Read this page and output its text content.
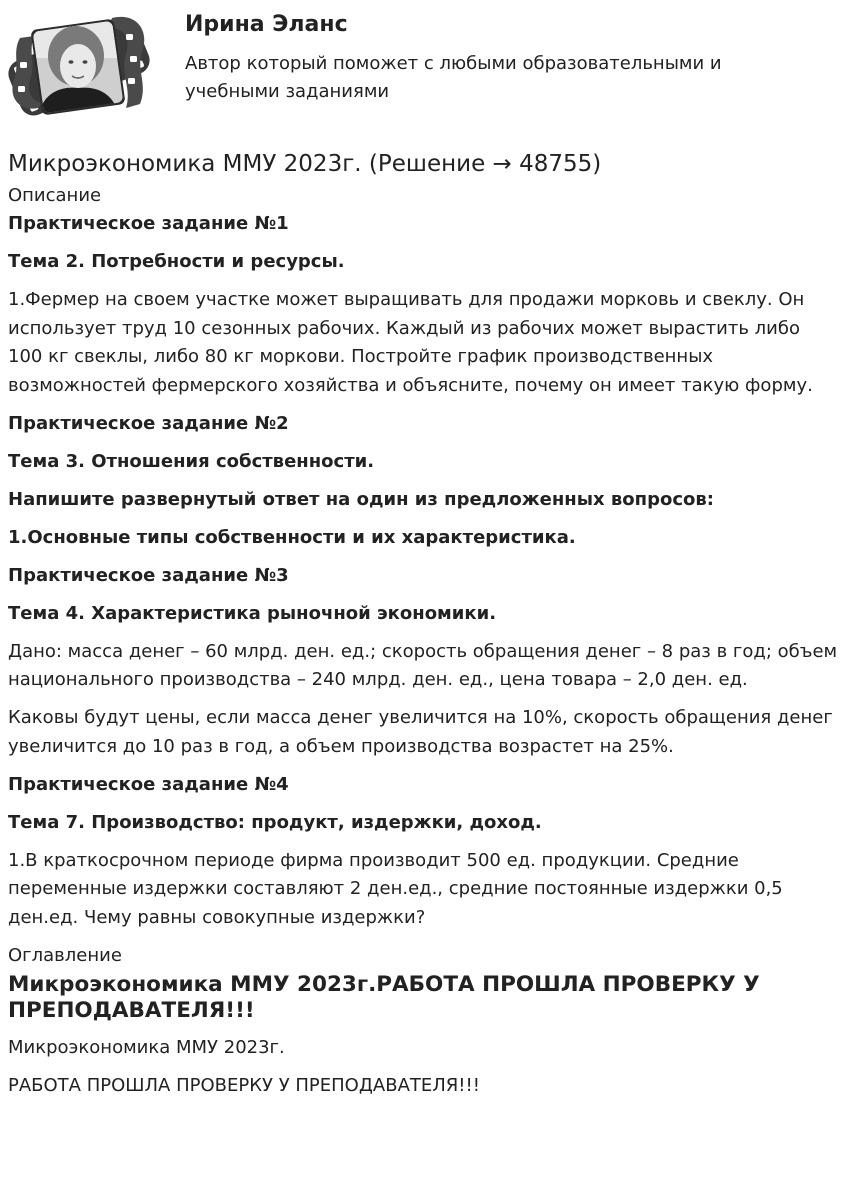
Ирина Эланс
Автор который поможет с любыми образовательными и учебными заданиями
Микроэкономика ММУ 2023г. (Решение → 48755)
Описание

Практическое задание №1

Тема 2. Потребности и ресурсы.

1.Фермер на своем участке может выращивать для продажи морковь и свеклу. Он использует труд 10 сезонных рабочих. Каждый из рабочих может вырастить либо 100 кг свеклы, либо 80 кг моркови. Постройте график производственных возможностей фермерского хозяйства и объясните, почему он имеет такую форму.

Практическое задание №2

Тема 3. Отношения собственности.

Напишите развернутый ответ на один из предложенных вопросов:

1.Основные типы собственности и их характеристика.

Практическое задание №3

Тема 4. Характеристика рыночной экономики.

Дано: масса денег – 60 млрд. ден. ед.; скорость обращения денег – 8 раз в год; объем национального производства – 240 млрд. ден. ед., цена товара – 2,0 ден. ед.

Каковы будут цены, если масса денег увеличится на 10%, скорость обращения денег увеличится до 10 раз в год, а объем производства возрастет на 25%.

Практическое задание №4

Тема 7. Производство: продукт, издержки, доход.

1.В краткосрочном периоде фирма производит 500 ед. продукции. Средние переменные издержки составляют 2 ден.ед., средние постоянные издержки 0,5 ден.ед. Чему равны совокупные издержки?

Оглавление
Микроэкономика ММУ 2023г.РАБОТА ПРОШЛА ПРОВЕРКУ У ПРЕПОДАВАТЕЛЯ!!!
Микроэкономика ММУ 2023г.
РАБОТА ПРОШЛА ПРОВЕРКУ У ПРЕПОДАВАТЕЛЯ!!!
